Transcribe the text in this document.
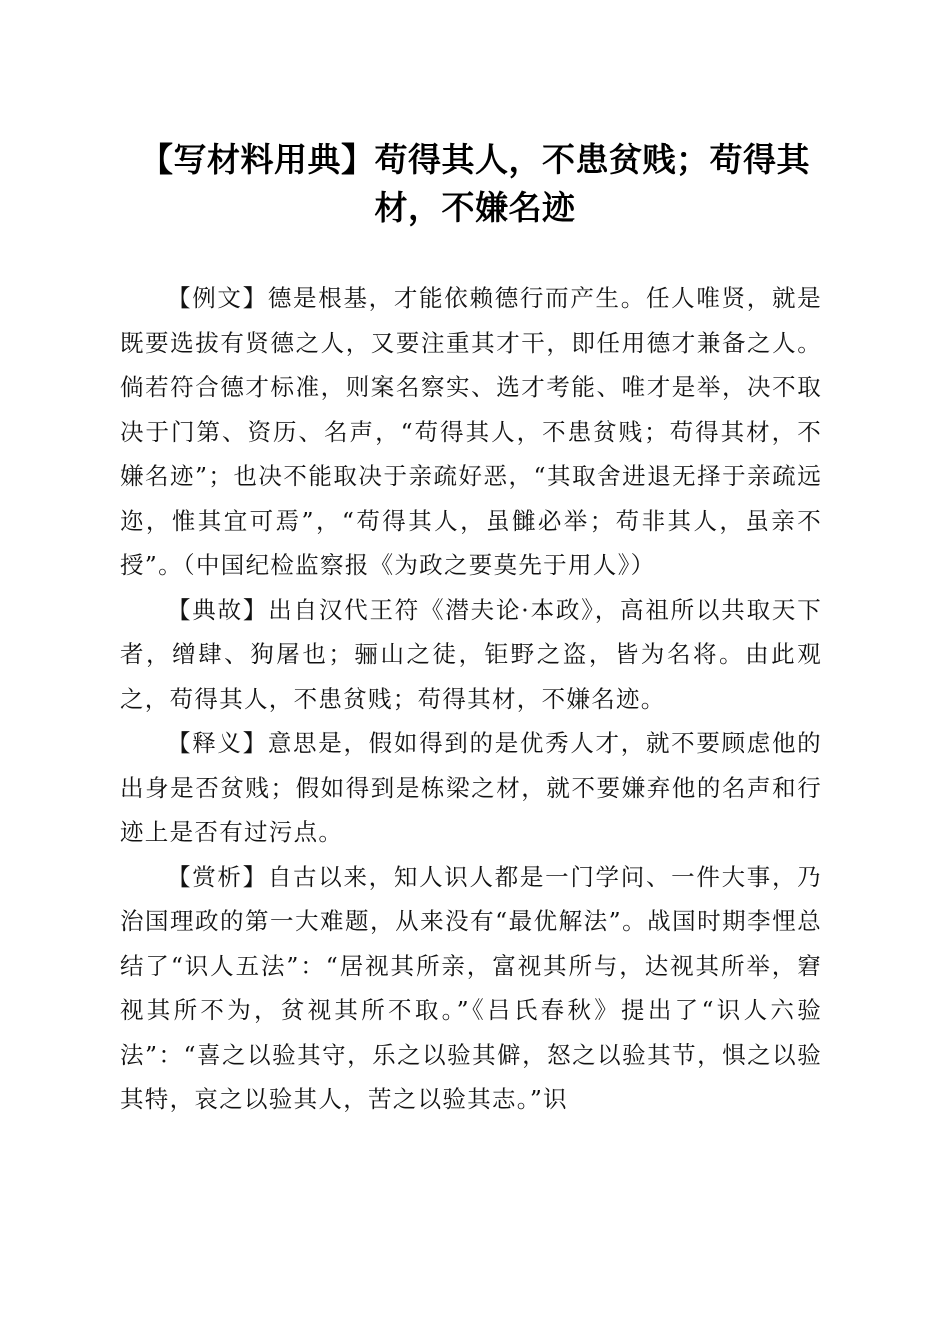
【写材料用典】苟得其人，不患贫贱；苟得其材，不嫌名迹

【例文】德是根基，才能依赖德行而产生。任人唯贤，就是既要选拔有贤德之人，又要注重其才干，即任用德才兼备之人。倘若符合德才标准，则案名察实、选才考能、唯才是举，决不取决于门第、资历、名声，“苟得其人，不患贫贱；苟得其材，不嫌名迹”；也决不能取决于亲疏好恶，“其取舍进退无择于亲疏远迩，惟其宜可焉”，“苟得其人，虽雠必举；苟非其人，虽亲不授”。（中国纪检监察报《为政之要莫先于用人》）

【典故】出自汉代王符《潜夫论·本政》，高祖所以共取天下者，缯肆、狗屠也；骊山之徒，钜野之盗，皆为名将。由此观之，苟得其人，不患贫贱；苟得其材，不嫌名迹。

【释义】意思是，假如得到的是优秀人才，就不要顾虑他的出身是否贫贱；假如得到是栋梁之材，就不要嫌弃他的名声和行迹上是否有过污点。

【赏析】自古以来，知人识人都是一门学问、一件大事，乃治国理政的第一大难题，从来没有“最优解法”。战国时期李悝总结了“识人五法”：“居视其所亲，富视其所与，达视其所举，窘视其所不为，贫视其所不取。”《吕氏春秋》提出了“识人六验法”：“喜之以验其守，乐之以验其僻，怒之以验其节，惧之以验其特，哀之以验其人，苦之以验其志。”识
